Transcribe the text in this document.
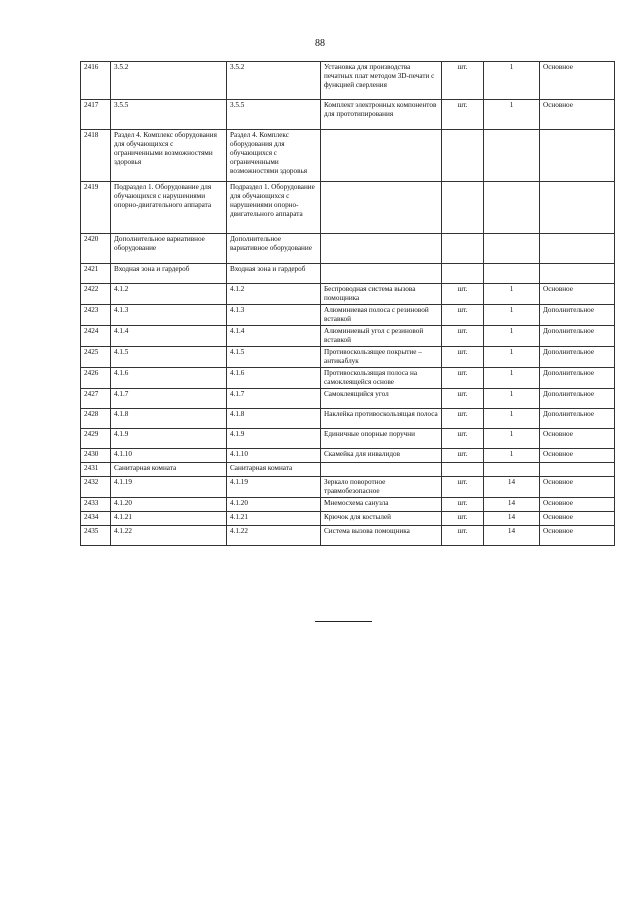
88
2416	3.5.2	3.5.2	Установка для производства печатных плат методом 3D-печати с функцией сверления	шт.	1	Основное
2417	3.5.5	3.5.5	Комплект электронных компонентов для прототипирования	шт.	1	Основное
2418	Раздел 4. Комплекс оборудования для обучающихся с ограниченными возможностями здоровья	Раздел 4. Комплекс оборудования для обучающихся с ограниченными возможностями здоровья				
2419	Подраздел 1. Оборудование для обучающихся с нарушениями опорно-двигательного аппарата	Подраздел 1. Оборудование для обучающихся с нарушениями опорно-двигательного аппарата				
2420	Дополнительное вариативное оборудование	Дополнительное вариативное оборудование				
2421	Входная зона и гардероб	Входная зона и гардероб				
2422	4.1.2	4.1.2	Беспроводная система вызова помощника	шт.	1	Основное
2423	4.1.3	4.1.3	Алюминиевая полоса с резиновой вставкой	шт.	1	Дополнительное
2424	4.1.4	4.1.4	Алюминиевый угол с резиновой вставкой	шт.	1	Дополнительное
2425	4.1.5	4.1.5	Противоскользящее покрытие – антикаблук	шт.	1	Дополнительное
2426	4.1.6	4.1.6	Противоскользящая полоса на самоклеящейся основе	шт.	1	Дополнительное
2427	4.1.7	4.1.7	Самоклеящийся угол	шт.	1	Дополнительное
2428	4.1.8	4.1.8	Наклейка противоскользящая полоса	шт.	1	Дополнительное
2429	4.1.9	4.1.9	Единичные опорные поручни	шт.	1	Основное
2430	4.1.10	4.1.10	Скамейка для инвалидов	шт.	1	Основное
2431	Санитарная комната	Санитарная комната				
2432	4.1.19	4.1.19	Зеркало поворотное травмобезопасное	шт.	14	Основное
2433	4.1.20	4.1.20	Мнемосхема санузла	шт.	14	Основное
2434	4.1.21	4.1.21	Крючок для костылей	шт.	14	Основное
2435	4.1.22	4.1.22	Система вызова помощника	шт.	14	Основное
